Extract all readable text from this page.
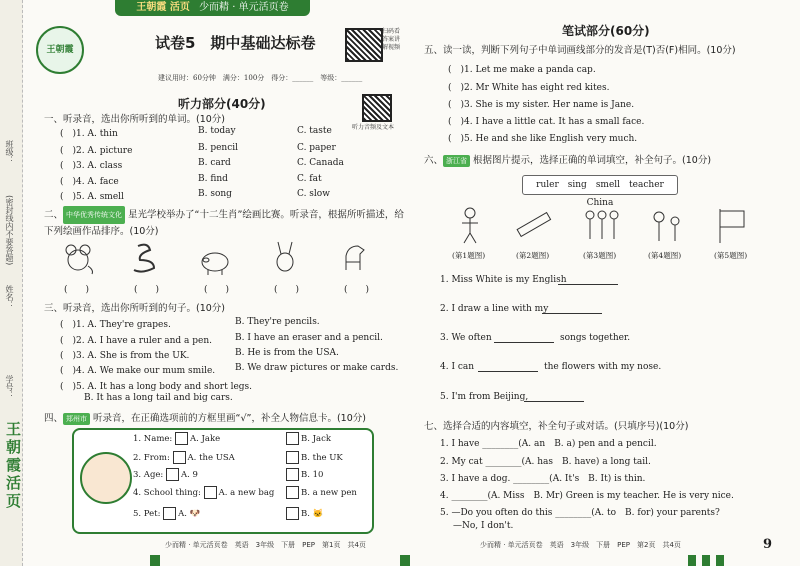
班级：
(密封线内不要答题)
姓名：
学号：
王朝霞活页
王朝霞 活页 少而精 · 单元活页卷
王朝霞	试卷5　期中基础达标卷
扫码看答案讲解视频
建议用时：60分钟　满分：100分　得分：______　等级：______
听力音频及文本
听力部分(40分)
一、听录音，选出你所听到的单词。(10分)
(　)1. A. thin	B. today	C. taste
(　)2. A. picture	B. pencil	C. paper
(　)3. A. class	B. card	C. Canada
(　)4. A. face	B. find	C. fat
(　)5. A. smell	B. song	C. slow
二、 中华优秀传统文化 星光学校举办了“十二生肖”绘画比赛。听录音，根据所听描述，给下列绘画作品排序。(10分)
(　　)	(　　)	(　　)	(　　)	(　　)
三、听录音，选出你所听到的句子。(10分)
(　)1. A. They're grapes.	B. They're pencils.
(　)2. A. I have a ruler and a pen.	B. I have an eraser and a pencil.
(　)3. A. She is from the UK.	B. He is from the USA.
(　)4. A. We make our mum smile. B. We draw pictures or make cards.
(　)5. A. It has a long body and short legs.
B. It has a long tail and big cars.
四、 郑州市 听录音，在正确选项前的方框里画“√”，补全人物信息卡。(10分)
1. Name: A. Jake	B. Jack
2. From: A. the USA	B. the UK
3. Age: A. 9	B. 10
4. School thing: A. a new bag	B. a new pen
5. Pet: A. 🐶	B. 🐱
少而精 · 单元活页卷　英语　3年级　下册　PEP　第1页　共4页
笔试部分(60分)
五、读一读，判断下列句子中单词画线部分的发音是(T)否(F)相同。(10分)
(　)1. Let me make a panda cap.
(　)2. Mr White has eight red kites.
(　)3. She is my sister. Her name is Jane.
(　)4. I have a little cat. It has a small face.
(　)5. He and she like English very much.
六、 浙江省 根据图片提示，选择正确的单词填空，补全句子。(10分)
ruler　sing　smell　teacher　China
(第1题图)	(第2题图)	(第3题图)	(第4题图)	(第5题图)
1. Miss White is my English
2. I draw a line with my
3. We often	songs together.
4. I can	the flowers with my nose.
5. I'm from Beijing,
七、选择合适的内容填空，补全句子或对话。(只填序号)(10分)
1. I have ________(A. an　B. a) pen and a pencil.
2. My cat ________(A. has　B. have) a long tail.
3. I have a dog. ________(A. It's　B. It) is thin.
4. ________(A. Miss　B. Mr) Green is my teacher. He is very nice.
5. —Do you often do this ________(A. to　B. for) your parents?
—No, I don't.
少而精 · 单元活页卷　英语　3年级　下册　PEP　第2页　共4页	9
